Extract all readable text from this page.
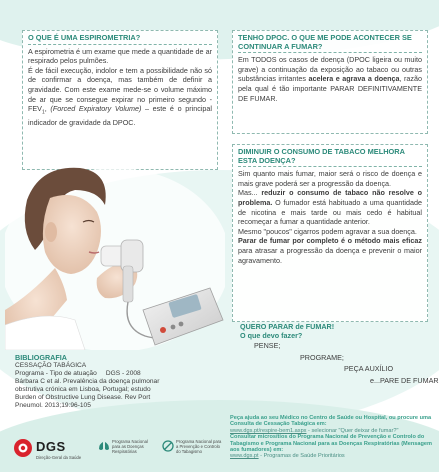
O QUE É UMA ESPIROMETRIA?

A espirometria é um exame que mede a quantidade de ar respirado pelos pulmões.
É de fácil execução, indolor e tem a possibilidade não só de confirmar a doença, mas também de definir a gravidade. Com este exame mede-se o volume máximo de ar que se consegue expirar no primeiro segundo - $FEV_1$, (Forced Expiratory Volume) – este é o principal indicador de gravidade da DPOC.

TENHO DPOC. O QUE ME PODE ACONTECER SE CONTINUAR A FUMAR?

Em TODOS os casos de doença (DPOC ligeira ou muito grave) a continuação da exposição ao tabaco ou outras substâncias irritantes acelera e agrava a doença, razão pela qual é tão importante PARAR DEFINITIVAMENTE DE FUMAR.

DIMINUIR O CONSUMO DE TABACO MELHORA ESTA DOENÇA?

Sim quanto mais fumar, maior será o risco de doença e mais grave poderá ser a progressão da doença.

Mas... reduzir o consumo de tabaco não resolve o problema. O fumador está habituado a uma quantidade de nicotina e mais tarde ou mais cedo é habitual recomeçar a fumar a quantidade anterior.

Mesmo "poucos" cigarros podem agravar a sua doença.

Parar de fumar por completo é o método mais eficaz para atrasar a progressão da doença e prevenir o maior agravamento.

QUERO PARAR de FUMAR!
O que devo fazer?
PENSE;
PROGRAME;
PEÇA AUXÍLIO
e...PARE DE FUMAR
BIBLIOGRAFIA
CESSAÇÃO TABÁGICA
Programa - Tipo de atuação     DGS - 2008
Bárbara C et al. Prevalência da doença pulmonar
obstrutiva crónica em Lisboa, Portugal; estudo
Burden of Obstructive Lung Disease. Rev Port
Pneumol. 2013;19:96-105
Peça ajuda ao seu Médico no Centro de Saúde ou Hospital, ou procure uma Consulta de Cessação Tabágica em:
www.dgs.pt/respire-bem1.aspx - selecionar "Quer deixar de fumar?"
Consultar microsítios do Programa Nacional de Prevenção e Controlo do Tabagismo e Programa Nacional para as Doenças Respiratórias (Mensagem aos fumadores) em:
www.dgs.pt - Programas de Saúde Prioritários
DGS
Direção-Geral da Saúde
Programa Nacional para as Doenças Respiratórias
Programa Nacional para a Prevenção e Controlo do Tabagismo
